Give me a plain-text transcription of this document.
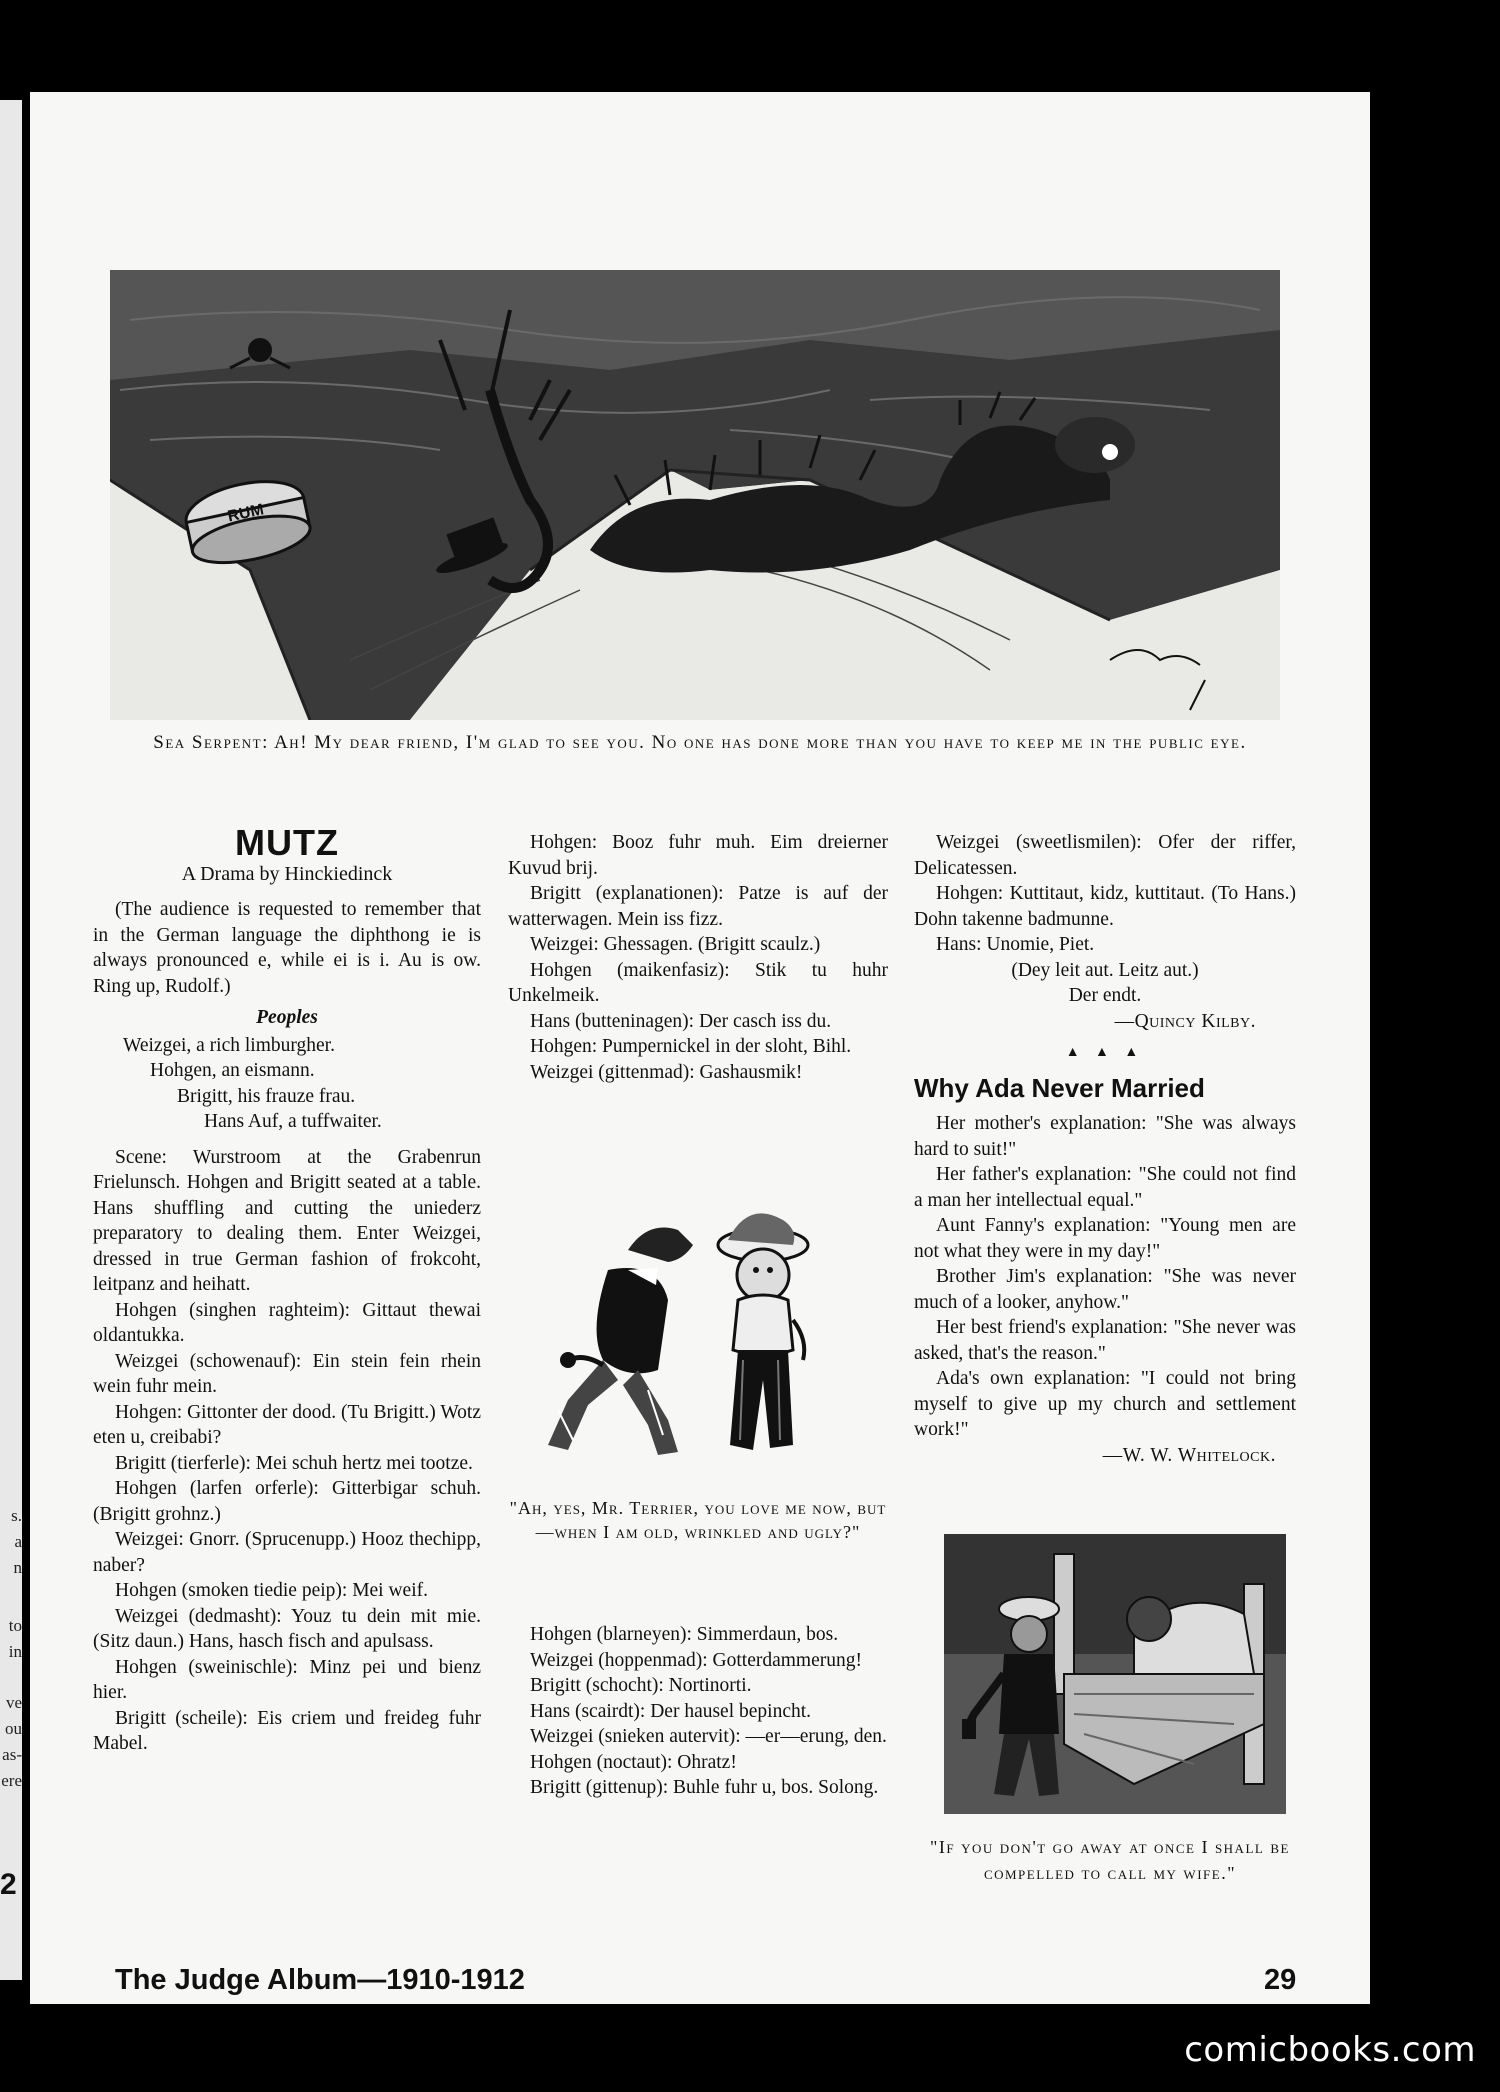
s.
a
n
to
in
ve
ou
as-
ere
2
RUM
Sea Serpent: Ah! My dear friend, I'm glad to see you. No one has done more than you have to keep me in the public eye.
MUTZ
A Drama by Hinckiedinck

(The audience is requested to remember that in the German language the diphthong ie is always pronounced e, while ei is i. Au is ow. Ring up, Rudolf.)

Peoples

Weizgei, a rich limburgher.

Hohgen, an eismann.

Brigitt, his frauze frau.

Hans Auf, a tuffwaiter.

Scene: Wurstroom at the Grabenrun Frielunsch. Hohgen and Brigitt seated at a table. Hans shuffling and cutting the uniederz preparatory to dealing them. Enter Weizgei, dressed in true German fashion of frokcoht, leitpanz and heihatt.

Hohgen (singhen raghteim): Gittaut thewai oldantukka.

Weizgei (schowenauf): Ein stein fein rhein wein fuhr mein.

Hohgen: Gittonter der dood. (Tu Brigitt.) Wotz eten u, creibabi?

Brigitt (tierferle): Mei schuh hertz mei tootze.

Hohgen (larfen orferle): Gitterbigar schuh. (Brigitt grohnz.)

Weizgei: Gnorr. (Sprucenupp.) Hooz thechipp, naber?

Hohgen (smoken tiedie peip): Mei weif.

Weizgei (dedmasht): Youz tu dein mit mie. (Sitz daun.) Hans, hasch fisch and apulsass.

Hohgen (sweinischle): Minz pei und bienz hier.

Brigitt (scheile): Eis criem und freideg fuhr Mabel.

Hohgen: Booz fuhr muh. Eim dreierner Kuvud brij.

Brigitt (explanationen): Patze is auf der watterwagen. Mein iss fizz.

Weizgei: Ghessagen. (Brigitt scaulz.)

Hohgen (maikenfasiz): Stik tu huhr Unkelmeik.

Hans (butteninagen): Der casch iss du.

Hohgen: Pumpernickel in der sloht, Bihl.

Weizgei (gittenmad): Gashausmik!

"Ah, yes, Mr. Terrier, you love me now, but—when I am old, wrinkled and ugly?"

Hohgen (blarneyen): Simmerdaun, bos.

Weizgei (hoppenmad): Gotterdammerung!

Brigitt (schocht): Nortinorti.

Hans (scairdt): Der hausel bepincht.

Weizgei (snieken autervit): —er—erung, den.

Hohgen (noctaut): Ohratz!

Brigitt (gittenup): Buhle fuhr u, bos. Solong.

Weizgei (sweetlismilen): Ofer der riffer, Delicatessen.

Hohgen: Kuttitaut, kidz, kuttitaut. (To Hans.) Dohn takenne badmunne.

Hans: Unomie, Piet.

(Dey leit aut. Leitz aut.)

Der endt.

—Quincy Kilby.

▲ ▲ ▲
Why Ada Never Married

Her mother's explanation: "She was always hard to suit!"

Her father's explanation: "She could not find a man her intellectual equal."

Aunt Fanny's explanation: "Young men are not what they were in my day!"

Brother Jim's explanation: "She was never much of a looker, anyhow."

Her best friend's explanation: "She never was asked, that's the reason."

Ada's own explanation: "I could not bring myself to give up my church and settlement work!"

—W. W. Whitelock.

"If you don't go away at once I shall be compelled to call my wife."
The Judge Album—1910-1912	29
comicbooks.com
